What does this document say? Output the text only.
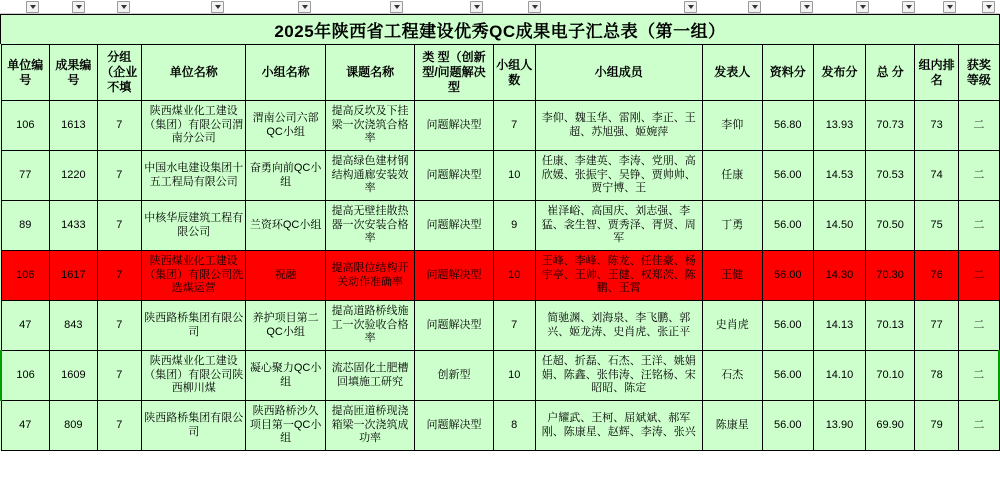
2025年陕西省工程建设优秀QC成果电子汇总表（第一组）
单位编号	成果编号	分组（企业不填	单位名称	小组名称	课题名称	类 型（创新型/问题解决型	小组人数	小组成员	发表人	资料分	发布分	总 分	组内排名	获奖等级
106	1613	7	陕西煤业化工建设（集团）有限公司渭南分公司	渭南公司六部QC小组	提高反坎及下挂梁一次浇筑合格率	问题解决型	7	李仰、魏玉华、雷刚、李正、王超、苏旭强、姬婉萍	李仰	56.80	13.93	70.73	73	二
77	1220	7	中国水电建设集团十五工程局有限公司	奋勇向前QC小组	提高绿色建材钢结构通廊安装效率	问题解决型	10	任康、李建英、李涛、党朋、高欣媛、张振宇、吴铮、贾帅帅、贾宁博、王	任康	56.00	14.53	70.53	74	二
89	1433	7	中核华辰建筑工程有限公司	兰资环QC小组	提高无壁挂散热器一次安装合格率	问题解决型	9	崔泽峪、高国庆、刘志强、李猛、衾生智、贾秀泽、胥贤、周军	丁勇	56.00	14.50	70.50	75	二
106	1617	7	陕西煤业化工建设（集团）有限公司洗选煤运营	祝融	提高限位结构开关动作准确率	问题解决型	10	王峰、李峰、陈龙、任佳豪、杨宇亭、王帅、王健、权郑茨、陈鹏、王霄	王健	56.00	14.30	70.30	76	二
47	843	7	陕西路桥集团有限公司	养护项目第二QC小组	提高道路桥线施工一次验收合格率	问题解决型	7	简驰渊、刘海泉、李飞鹏、郭兴、姬龙涛、史肖虎、张正平	史肖虎	56.00	14.13	70.13	77	二
106	1609	7	陕西煤业化工建设（集团）有限公司陕西柳川煤	凝心聚力QC小组	流芯固化土肥槽回填施工研究	创新型	10	任超、折磊、石杰、王洋、姚娟娟、陈鑫、张伟涛、汪铭杨、宋昭昭、陈定	石杰	56.00	14.10	70.10	78	二
47	809	7	陕西路桥集团有限公司	陕西路桥沙久项目第一QC小组	提高匝道桥现浇箱梁一次浇筑成功率	问题解决型	8	户耀武、王柯、屈斌斌、郝军刚、陈康星、赵辉、李涛、张兴	陈康星	56.00	13.90	69.90	79	二
